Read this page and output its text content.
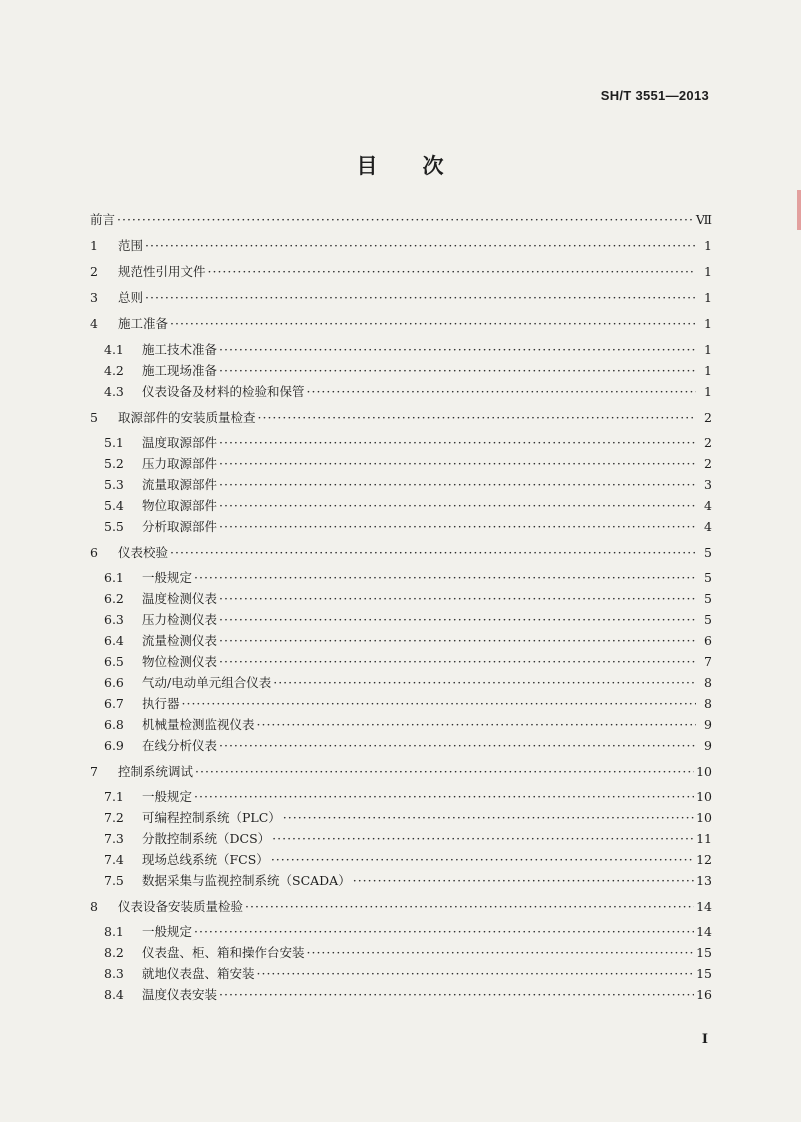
SH/T 3551—2013
目 次
前言 ·····	Ⅶ
1	范围 ·····	1
2	规范性引用文件 ·····	1
3	总则 ·····	1
4	施工准备 ·····	1
4.1	施工技术准备 ·····	1
4.2	施工现场准备 ·····	1
4.3	仪表设备及材料的检验和保管 ·····	1
5	取源部件的安装质量检查 ·····	2
5.1	温度取源部件 ·····	2
5.2	压力取源部件 ·····	2
5.3	流量取源部件 ·····	3
5.4	物位取源部件 ·····	4
5.5	分析取源部件 ·····	4
6	仪表校验 ·····	5
6.1	一般规定 ·····	5
6.2	温度检测仪表 ·····	5
6.3	压力检测仪表 ·····	5
6.4	流量检测仪表 ·····	6
6.5	物位检测仪表 ·····	7
6.6	气动/电动单元组合仪表 ·····	8
6.7	执行器 ·····	8
6.8	机械量检测监视仪表 ·····	9
6.9	在线分析仪表 ·····	9
7	控制系统调试 ·····	10
7.1	一般规定 ·····	10
7.2	可编程控制系统（PLC） ·····	10
7.3	分散控制系统（DCS） ·····	11
7.4	现场总线系统（FCS） ·····	12
7.5	数据采集与监视控制系统（SCADA） ·····	13
8	仪表设备安装质量检验 ·····	14
8.1	一般规定 ·····	14
8.2	仪表盘、柜、箱和操作台安装 ·····	15
8.3	就地仪表盘、箱安装 ·····	15
8.4	温度仪表安装 ·····	16
I
